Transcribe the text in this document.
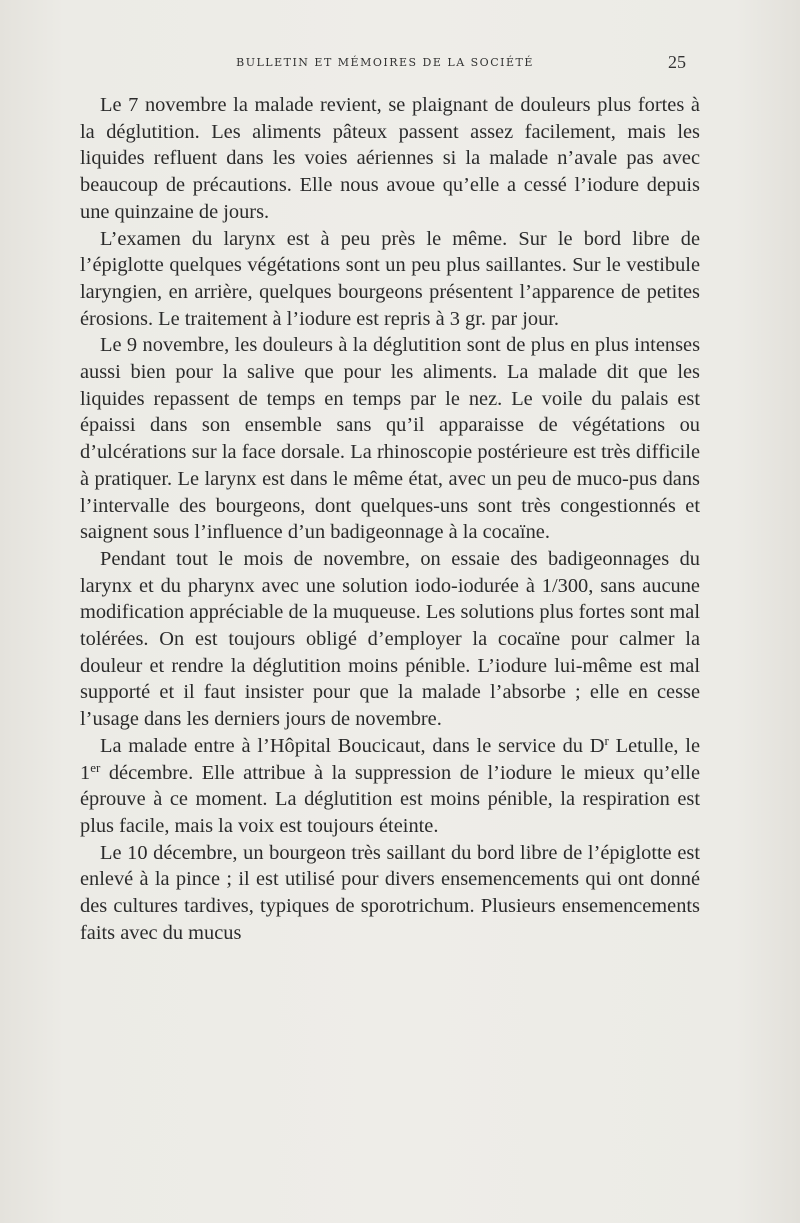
BULLETIN ET MÉMOIRES DE LA SOCIÉTÉ	25

Le 7 novembre la malade revient, se plaignant de douleurs plus fortes à la déglutition. Les aliments pâteux passent assez facilement, mais les liquides refluent dans les voies aériennes si la malade n’avale pas avec beaucoup de précautions. Elle nous avoue qu’elle a cessé l’iodure depuis une quinzaine de jours.

L’examen du larynx est à peu près le même. Sur le bord libre de l’épiglotte quelques végétations sont un peu plus saillantes. Sur le vestibule laryngien, en arrière, quelques bourgeons présentent l’apparence de petites érosions. Le traitement à l’iodure est repris à 3 gr. par jour.

Le 9 novembre, les douleurs à la déglutition sont de plus en plus intenses aussi bien pour la salive que pour les aliments. La malade dit que les liquides repassent de temps en temps par le nez. Le voile du palais est épaissi dans son ensemble sans qu’il apparaisse de végétations ou d’ulcérations sur la face dorsale. La rhinoscopie postérieure est très difficile à pratiquer. Le larynx est dans le même état, avec un peu de muco-pus dans l’intervalle des bourgeons, dont quelques-uns sont très congestionnés et saignent sous l’influence d’un badigeonnage à la cocaïne.

Pendant tout le mois de novembre, on essaie des badigeonnages du larynx et du pharynx avec une solution iodo-iodurée à 1/300, sans aucune modification appréciable de la muqueuse. Les solutions plus fortes sont mal tolérées. On est toujours obligé d’employer la cocaïne pour calmer la douleur et rendre la déglutition moins pénible. L’iodure lui-même est mal supporté et il faut insister pour que la malade l’absorbe ; elle en cesse l’usage dans les derniers jours de novembre.

La malade entre à l’Hôpital Boucicaut, dans le service du $D^r$ Letulle, le 1er décembre. Elle attribue à la suppression de l’iodure le mieux qu’elle éprouve à ce moment. La déglutition est moins pénible, la respiration est plus facile, mais la voix est toujours éteinte.

Le 10 décembre, un bourgeon très saillant du bord libre de l’épiglotte est enlevé à la pince ; il est utilisé pour divers ensemencements qui ont donné des cultures tardives, typiques de sporotrichum. Plusieurs ensemencements faits avec du mucus
